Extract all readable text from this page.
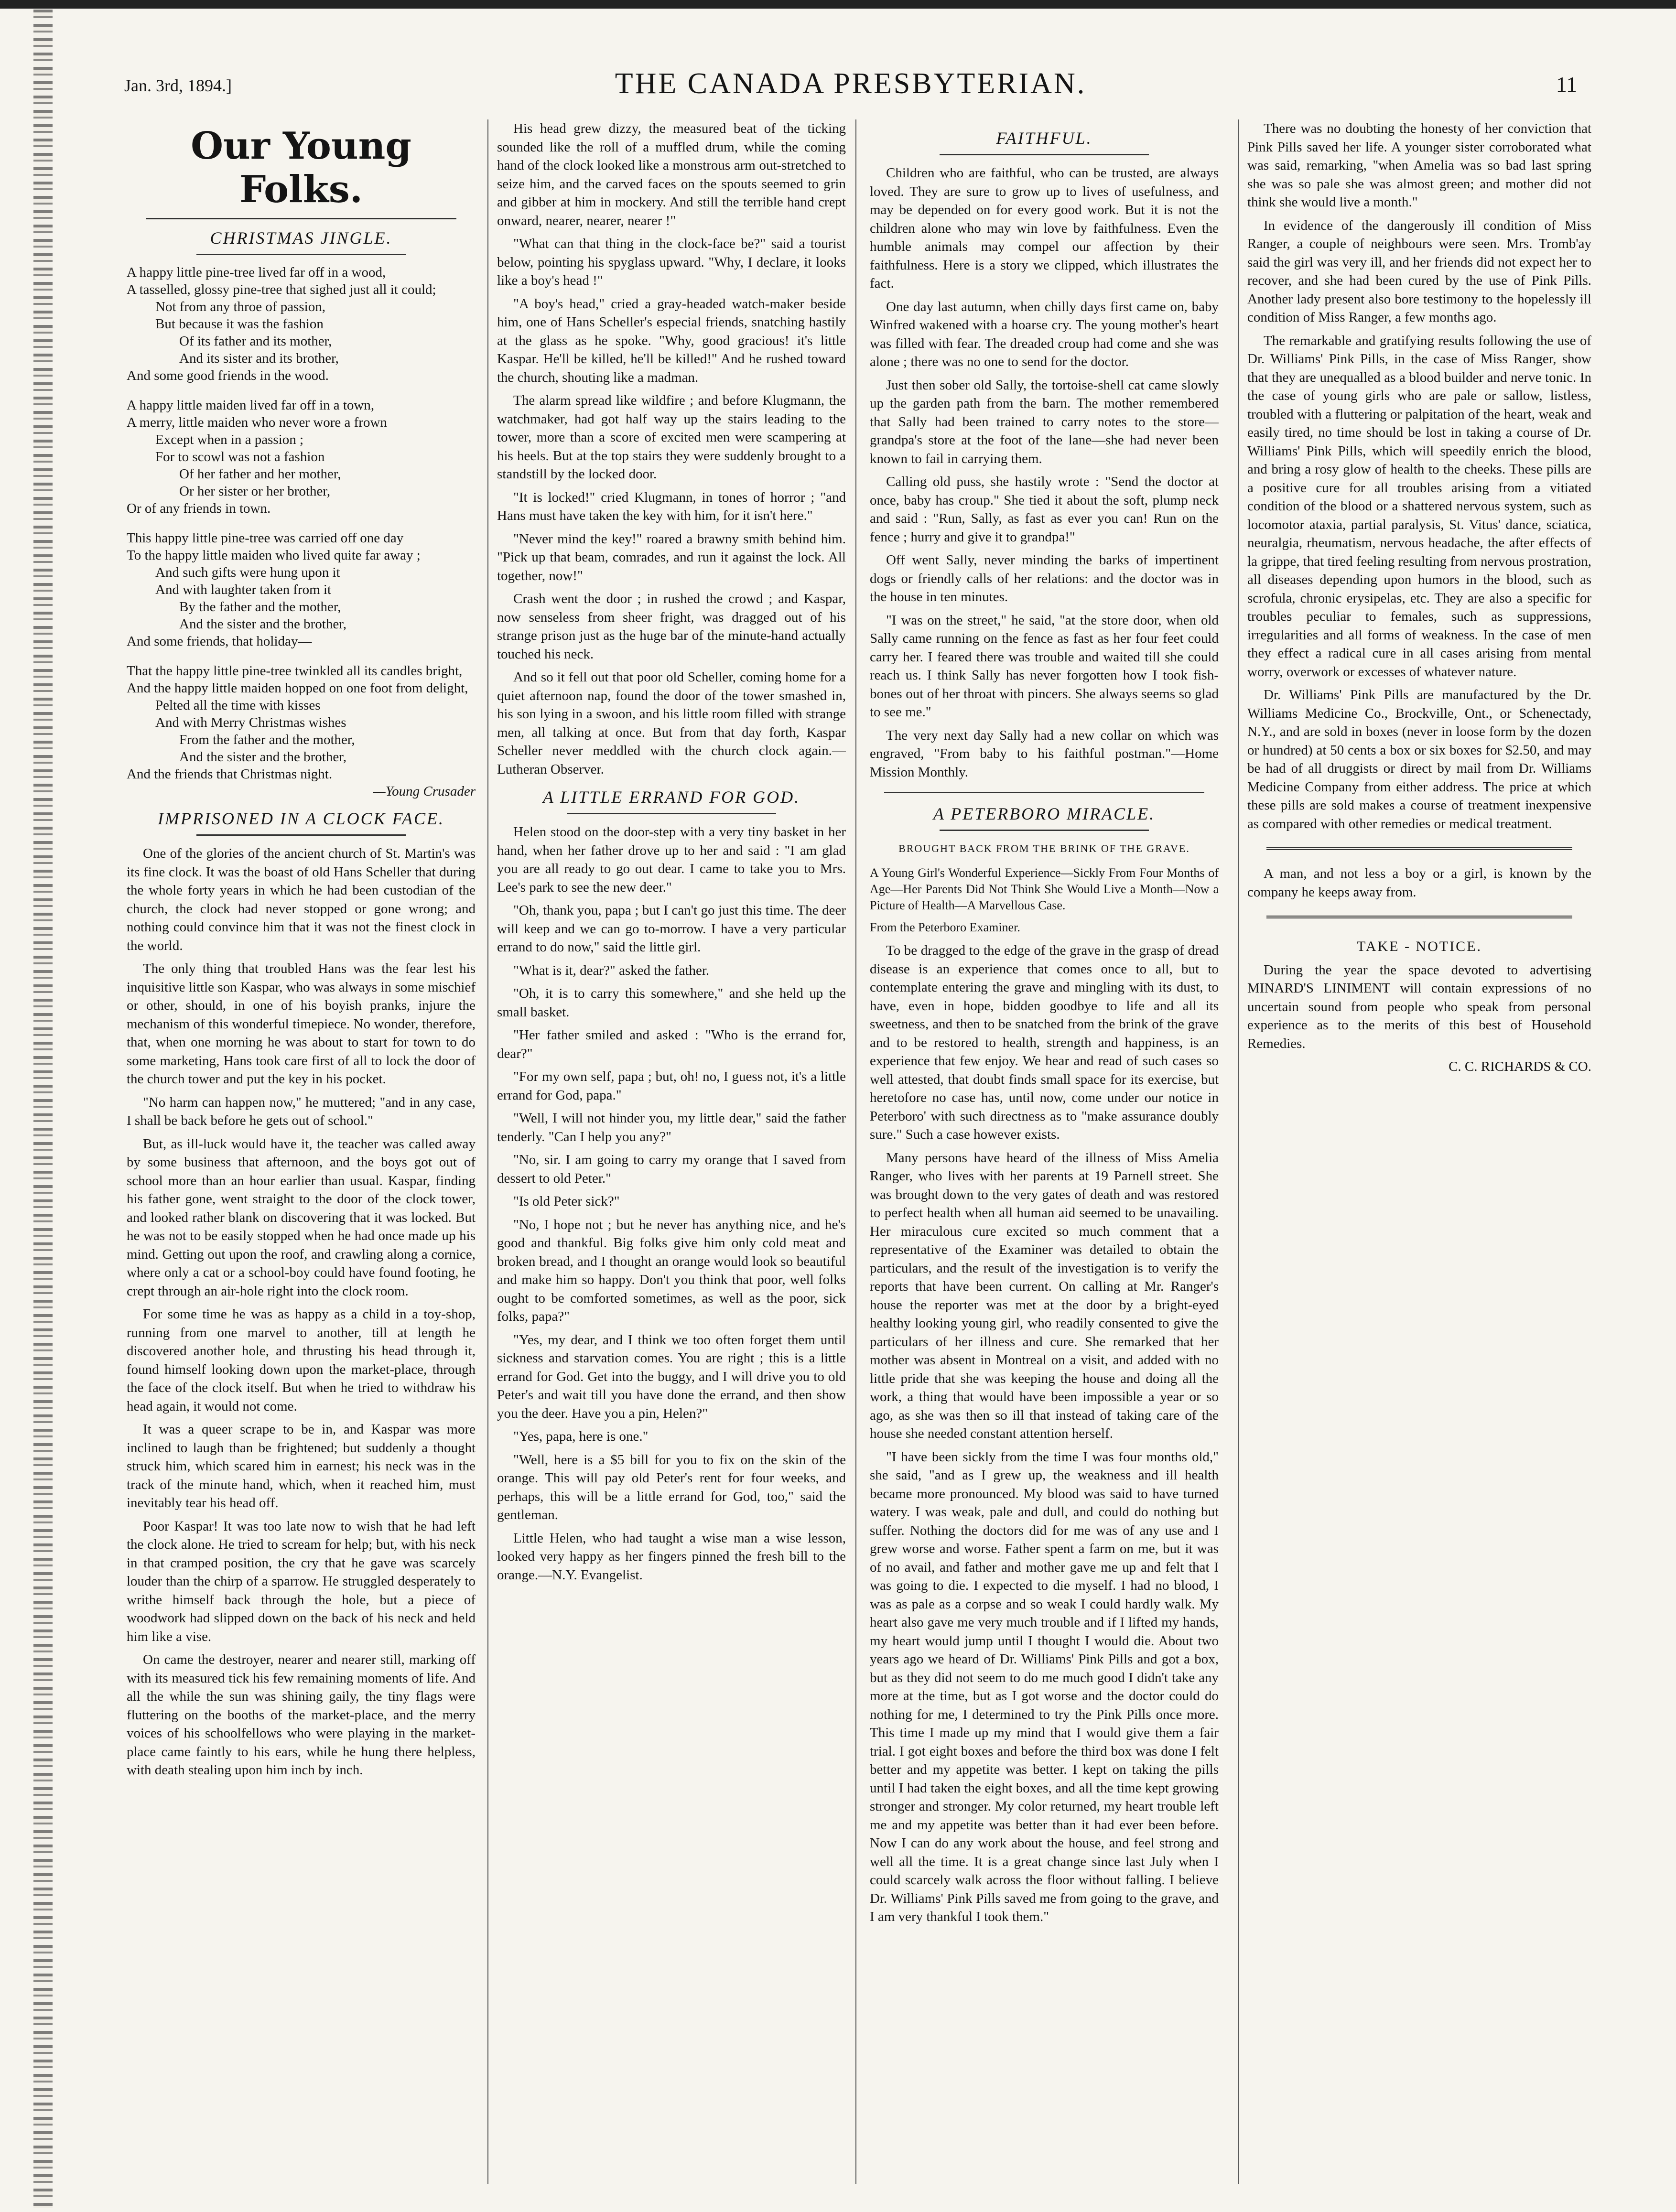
Jan. 3rd, 1894.]	THE CANADA PRESBYTERIAN.	11
Our Young Folks.
CHRISTMAS JINGLE.

A happy little pine-tree lived far off in a wood,

A tasselled, glossy pine-tree that sighed just all it could;

Not from any throe of passion,

But because it was the fashion

Of its father and its mother,

And its sister and its brother,

And some good friends in the wood.

A happy little maiden lived far off in a town,

A merry, little maiden who never wore a frown

Except when in a passion ;

For to scowl was not a fashion

Of her father and her mother,

Or her sister or her brother,

Or of any friends in town.

This happy little pine-tree was carried off one day

To the happy little maiden who lived quite far away ;

And such gifts were hung upon it

And with laughter taken from it

By the father and the mother,

And the sister and the brother,

And some friends, that holiday—

That the happy little pine-tree twinkled all its candles bright,

And the happy little maiden hopped on one foot from delight,

Pelted all the time with kisses

And with Merry Christmas wishes

From the father and the mother,

And the sister and the brother,

And the friends that Christmas night.

—Young Crusader

IMPRISONED IN A CLOCK FACE.

One of the glories of the ancient church of St. Martin's was its fine clock. It was the boast of old Hans Scheller that during the whole forty years in which he had been custodian of the church, the clock had never stopped or gone wrong; and nothing could convince him that it was not the finest clock in the world.

The only thing that troubled Hans was the fear lest his inquisitive little son Kaspar, who was always in some mischief or other, should, in one of his boyish pranks, injure the mechanism of this wonderful timepiece. No wonder, therefore, that, when one morning he was about to start for town to do some marketing, Hans took care first of all to lock the door of the church tower and put the key in his pocket.

"No harm can happen now," he muttered; "and in any case, I shall be back before he gets out of school."

But, as ill-luck would have it, the teacher was called away by some business that afternoon, and the boys got out of school more than an hour earlier than usual. Kaspar, finding his father gone, went straight to the door of the clock tower, and looked rather blank on discovering that it was locked. But he was not to be easily stopped when he had once made up his mind. Getting out upon the roof, and crawling along a cornice, where only a cat or a school-boy could have found footing, he crept through an air-hole right into the clock room.

For some time he was as happy as a child in a toy-shop, running from one marvel to another, till at length he discovered another hole, and thrusting his head through it, found himself looking down upon the market-place, through the face of the clock itself. But when he tried to withdraw his head again, it would not come.

It was a queer scrape to be in, and Kaspar was more inclined to laugh than be frightened; but suddenly a thought struck him, which scared him in earnest; his neck was in the track of the minute hand, which, when it reached him, must inevitably tear his head off.

Poor Kaspar! It was too late now to wish that he had left the clock alone. He tried to scream for help; but, with his neck in that cramped position, the cry that he gave was scarcely louder than the chirp of a sparrow. He struggled desperately to writhe himself back through the hole, but a piece of woodwork had slipped down on the back of his neck and held him like a vise.

On came the destroyer, nearer and nearer still, marking off with its measured tick his few remaining moments of life. And all the while the sun was shining gaily, the tiny flags were fluttering on the booths of the market-place, and the merry voices of his schoolfellows who were playing in the market-place came faintly to his ears, while he hung there helpless, with death stealing upon him inch by inch.

His head grew dizzy, the measured beat of the ticking sounded like the roll of a muffled drum, while the coming hand of the clock looked like a monstrous arm out-stretched to seize him, and the carved faces on the spouts seemed to grin and gibber at him in mockery. And still the terrible hand crept onward, nearer, nearer, nearer !"

"What can that thing in the clock-face be?" said a tourist below, pointing his spyglass upward. "Why, I declare, it looks like a boy's head !"

"A boy's head," cried a gray-headed watch-maker beside him, one of Hans Scheller's especial friends, snatching hastily at the glass as he spoke. "Why, good gracious! it's little Kaspar. He'll be killed, he'll be killed!" And he rushed toward the church, shouting like a madman.

The alarm spread like wildfire ; and before Klugmann, the watchmaker, had got half way up the stairs leading to the tower, more than a score of excited men were scampering at his heels. But at the top stairs they were suddenly brought to a standstill by the locked door.

"It is locked!" cried Klugmann, in tones of horror ; "and Hans must have taken the key with him, for it isn't here."

"Never mind the key!" roared a brawny smith behind him. "Pick up that beam, comrades, and run it against the lock. All together, now!"

Crash went the door ; in rushed the crowd ; and Kaspar, now senseless from sheer fright, was dragged out of his strange prison just as the huge bar of the minute-hand actually touched his neck.

And so it fell out that poor old Scheller, coming home for a quiet afternoon nap, found the door of the tower smashed in, his son lying in a swoon, and his little room filled with strange men, all talking at once. But from that day forth, Kaspar Scheller never meddled with the church clock again.—Lutheran Observer.

A LITTLE ERRAND FOR GOD.

Helen stood on the door-step with a very tiny basket in her hand, when her father drove up to her and said : "I am glad you are all ready to go out dear. I came to take you to Mrs. Lee's park to see the new deer."

"Oh, thank you, papa ; but I can't go just this time. The deer will keep and we can go to-morrow. I have a very particular errand to do now," said the little girl.

"What is it, dear?" asked the father.

"Oh, it is to carry this somewhere," and she held up the small basket.

"Her father smiled and asked : "Who is the errand for, dear?"

"For my own self, papa ; but, oh! no, I guess not, it's a little errand for God, papa."

"Well, I will not hinder you, my little dear," said the father tenderly. "Can I help you any?"

"No, sir. I am going to carry my orange that I saved from dessert to old Peter."

"Is old Peter sick?"

"No, I hope not ; but he never has anything nice, and he's good and thankful. Big folks give him only cold meat and broken bread, and I thought an orange would look so beautiful and make him so happy. Don't you think that poor, well folks ought to be comforted sometimes, as well as the poor, sick folks, papa?"

"Yes, my dear, and I think we too often forget them until sickness and starvation comes. You are right ; this is a little errand for God. Get into the buggy, and I will drive you to old Peter's and wait till you have done the errand, and then show you the deer. Have you a pin, Helen?"

"Yes, papa, here is one."

"Well, here is a $5 bill for you to fix on the skin of the orange. This will pay old Peter's rent for four weeks, and perhaps, this will be a little errand for God, too," said the gentleman.

Little Helen, who had taught a wise man a wise lesson, looked very happy as her fingers pinned the fresh bill to the orange.—N.Y. Evangelist.

FAITHFUL.

Children who are faithful, who can be trusted, are always loved. They are sure to grow up to lives of usefulness, and may be depended on for every good work. But it is not the children alone who may win love by faithfulness. Even the humble animals may compel our affection by their faithfulness. Here is a story we clipped, which illustrates the fact.

One day last autumn, when chilly days first came on, baby Winfred wakened with a hoarse cry. The young mother's heart was filled with fear. The dreaded croup had come and she was alone ; there was no one to send for the doctor.

Just then sober old Sally, the tortoise-shell cat came slowly up the garden path from the barn. The mother remembered that Sally had been trained to carry notes to the store—grandpa's store at the foot of the lane—she had never been known to fail in carrying them.

Calling old puss, she hastily wrote : "Send the doctor at once, baby has croup." She tied it about the soft, plump neck and said : "Run, Sally, as fast as ever you can! Run on the fence ; hurry and give it to grandpa!"

Off went Sally, never minding the barks of impertinent dogs or friendly calls of her relations: and the doctor was in the house in ten minutes.

"I was on the street," he said, "at the store door, when old Sally came running on the fence as fast as her four feet could carry her. I feared there was trouble and waited till she could reach us. I think Sally has never forgotten how I took fish-bones out of her throat with pincers. She always seems so glad to see me."

The very next day Sally had a new collar on which was engraved, "From baby to his faithful postman."—Home Mission Monthly.

A PETERBORO MIRACLE.

BROUGHT BACK FROM THE BRINK OF THE GRAVE.

A Young Girl's Wonderful Experience—Sickly From Four Months of Age—Her Parents Did Not Think She Would Live a Month—Now a Picture of Health—A Marvellous Case.

From the Peterboro Examiner.

To be dragged to the edge of the grave in the grasp of dread disease is an experience that comes once to all, but to contemplate entering the grave and mingling with its dust, to have, even in hope, bidden goodbye to life and all its sweetness, and then to be snatched from the brink of the grave and to be restored to health, strength and happiness, is an experience that few enjoy. We hear and read of such cases so well attested, that doubt finds small space for its exercise, but heretofore no case has, until now, come under our notice in Peterboro' with such directness as to "make assurance doubly sure." Such a case however exists.

Many persons have heard of the illness of Miss Amelia Ranger, who lives with her parents at 19 Parnell street. She was brought down to the very gates of death and was restored to perfect health when all human aid seemed to be unavailing. Her miraculous cure excited so much comment that a representative of the Examiner was detailed to obtain the particulars, and the result of the investigation is to verify the reports that have been current. On calling at Mr. Ranger's house the reporter was met at the door by a bright-eyed healthy looking young girl, who readily consented to give the particulars of her illness and cure. She remarked that her mother was absent in Montreal on a visit, and added with no little pride that she was keeping the house and doing all the work, a thing that would have been impossible a year or so ago, as she was then so ill that instead of taking care of the house she needed constant attention herself.

"I have been sickly from the time I was four months old," she said, "and as I grew up, the weakness and ill health became more pronounced. My blood was said to have turned watery. I was weak, pale and dull, and could do nothing but suffer. Nothing the doctors did for me was of any use and I grew worse and worse. Father spent a farm on me, but it was of no avail, and father and mother gave me up and felt that I was going to die. I expected to die myself. I had no blood, I was as pale as a corpse and so weak I could hardly walk. My heart also gave me very much trouble and if I lifted my hands, my heart would jump until I thought I would die. About two years ago we heard of Dr. Williams' Pink Pills and got a box, but as they did not seem to do me much good I didn't take any more at the time, but as I got worse and the doctor could do nothing for me, I determined to try the Pink Pills once more. This time I made up my mind that I would give them a fair trial. I got eight boxes and before the third box was done I felt better and my appetite was better. I kept on taking the pills until I had taken the eight boxes, and all the time kept growing stronger and stronger. My color returned, my heart trouble left me and my appetite was better than it had ever been before. Now I can do any work about the house, and feel strong and well all the time. It is a great change since last July when I could scarcely walk across the floor without falling. I believe Dr. Williams' Pink Pills saved me from going to the grave, and I am very thankful I took them."

There was no doubting the honesty of her conviction that Pink Pills saved her life. A younger sister corroborated what was said, remarking, "when Amelia was so bad last spring she was so pale she was almost green; and mother did not think she would live a month."

In evidence of the dangerously ill condition of Miss Ranger, a couple of neighbours were seen. Mrs. Tromb'ay said the girl was very ill, and her friends did not expect her to recover, and she had been cured by the use of Pink Pills. Another lady present also bore testimony to the hopelessly ill condition of Miss Ranger, a few months ago.

The remarkable and gratifying results following the use of Dr. Williams' Pink Pills, in the case of Miss Ranger, show that they are unequalled as a blood builder and nerve tonic. In the case of young girls who are pale or sallow, listless, troubled with a fluttering or palpitation of the heart, weak and easily tired, no time should be lost in taking a course of Dr. Williams' Pink Pills, which will speedily enrich the blood, and bring a rosy glow of health to the cheeks. These pills are a positive cure for all troubles arising from a vitiated condition of the blood or a shattered nervous system, such as locomotor ataxia, partial paralysis, St. Vitus' dance, sciatica, neuralgia, rheumatism, nervous headache, the after effects of la grippe, that tired feeling resulting from nervous prostration, all diseases depending upon humors in the blood, such as scrofula, chronic erysipelas, etc. They are also a specific for troubles peculiar to females, such as suppressions, irregularities and all forms of weakness. In the case of men they effect a radical cure in all cases arising from mental worry, overwork or excesses of whatever nature.

Dr. Williams' Pink Pills are manufactured by the Dr. Williams Medicine Co., Brockville, Ont., or Schenectady, N.Y., and are sold in boxes (never in loose form by the dozen or hundred) at 50 cents a box or six boxes for $2.50, and may be had of all druggists or direct by mail from Dr. Williams Medicine Company from either address. The price at which these pills are sold makes a course of treatment inexpensive as compared with other remedies or medical treatment.

A man, and not less a boy or a girl, is known by the company he keeps away from.

TAKE - NOTICE.

During the year the space devoted to advertising MINARD'S LINIMENT will contain expressions of no uncertain sound from people who speak from personal experience as to the merits of this best of Household Remedies.

C. C. RICHARDS & CO.
